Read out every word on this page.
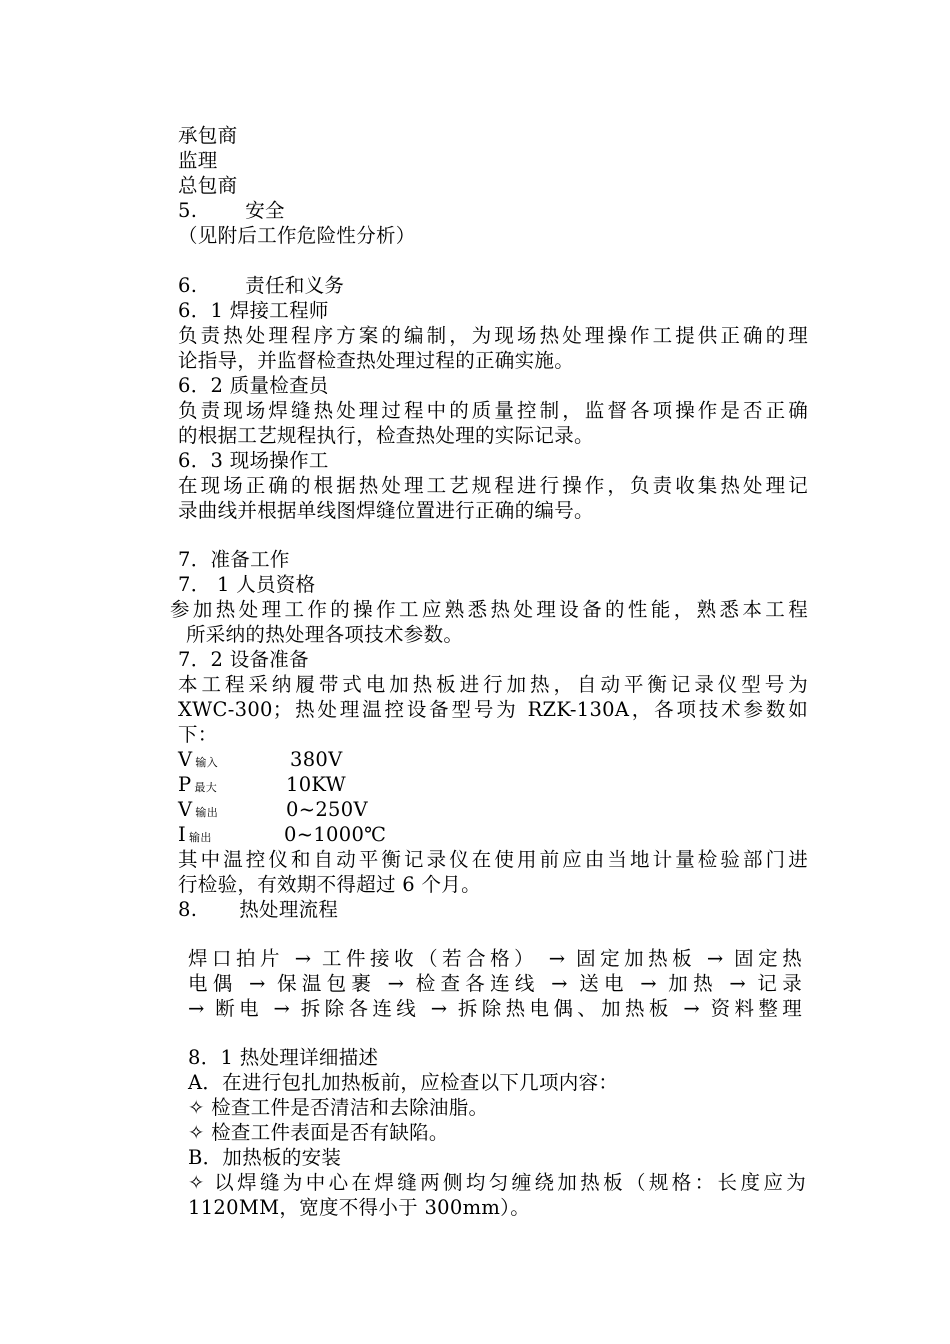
承包商
监理
总包商
5. 安全
（见附后工作危险性分析）
6. 责任和义务
6．1 焊接工程师
负责热处理程序方案的编制，为现场热处理操作工提供正确的理
论指导，并监督检查热处理过程的正确实施。
6．2 质量检查员
负责现场焊缝热处理过程中的质量控制，监督各项操作是否正确
的根据工艺规程执行，检查热处理的实际记录。
6．3 现场操作工
在现场正确的根据热处理工艺规程进行操作，负责收集热处理记
录曲线并根据单线图焊缝位置进行正确的编号。
7．准备工作
7． 1 人员资格
参加热处理工作的操作工应熟悉热处理设备的性能，熟悉本工程
所采纳的热处理各项技术参数。
7．2 设备准备
本工程采纳履带式电加热板进行加热，自动平衡记录仪型号为
XWC-300；热处理温控设备型号为 RZK-130A，各项技术参数如
下：
V输入	380V
P最大	10KW
V输出	0~250V
I输出	0~1000℃
其中温控仪和自动平衡记录仪在使用前应由当地计量检验部门进
行检验，有效期不得超过 6 个月。
8. 热处理流程
焊口拍片 → 工件接收（若合格） → 固定加热板 → 固定热
电偶 → 保温包裹 → 检查各连线 → 送电 → 加热 → 记录
→ 断电 → 拆除各连线 → 拆除热电偶、加热板 → 资料整理
8．1 热处理详细描述
A．在进行包扎加热板前，应检查以下几项内容：
✧ 检查工件是否清洁和去除油脂。
✧ 检查工件表面是否有缺陷。
B．加热板的安装
✧ 以焊缝为中心在焊缝两侧均匀缠绕加热板（规格：长度应为
1120MM，宽度不得小于 300mm）。
